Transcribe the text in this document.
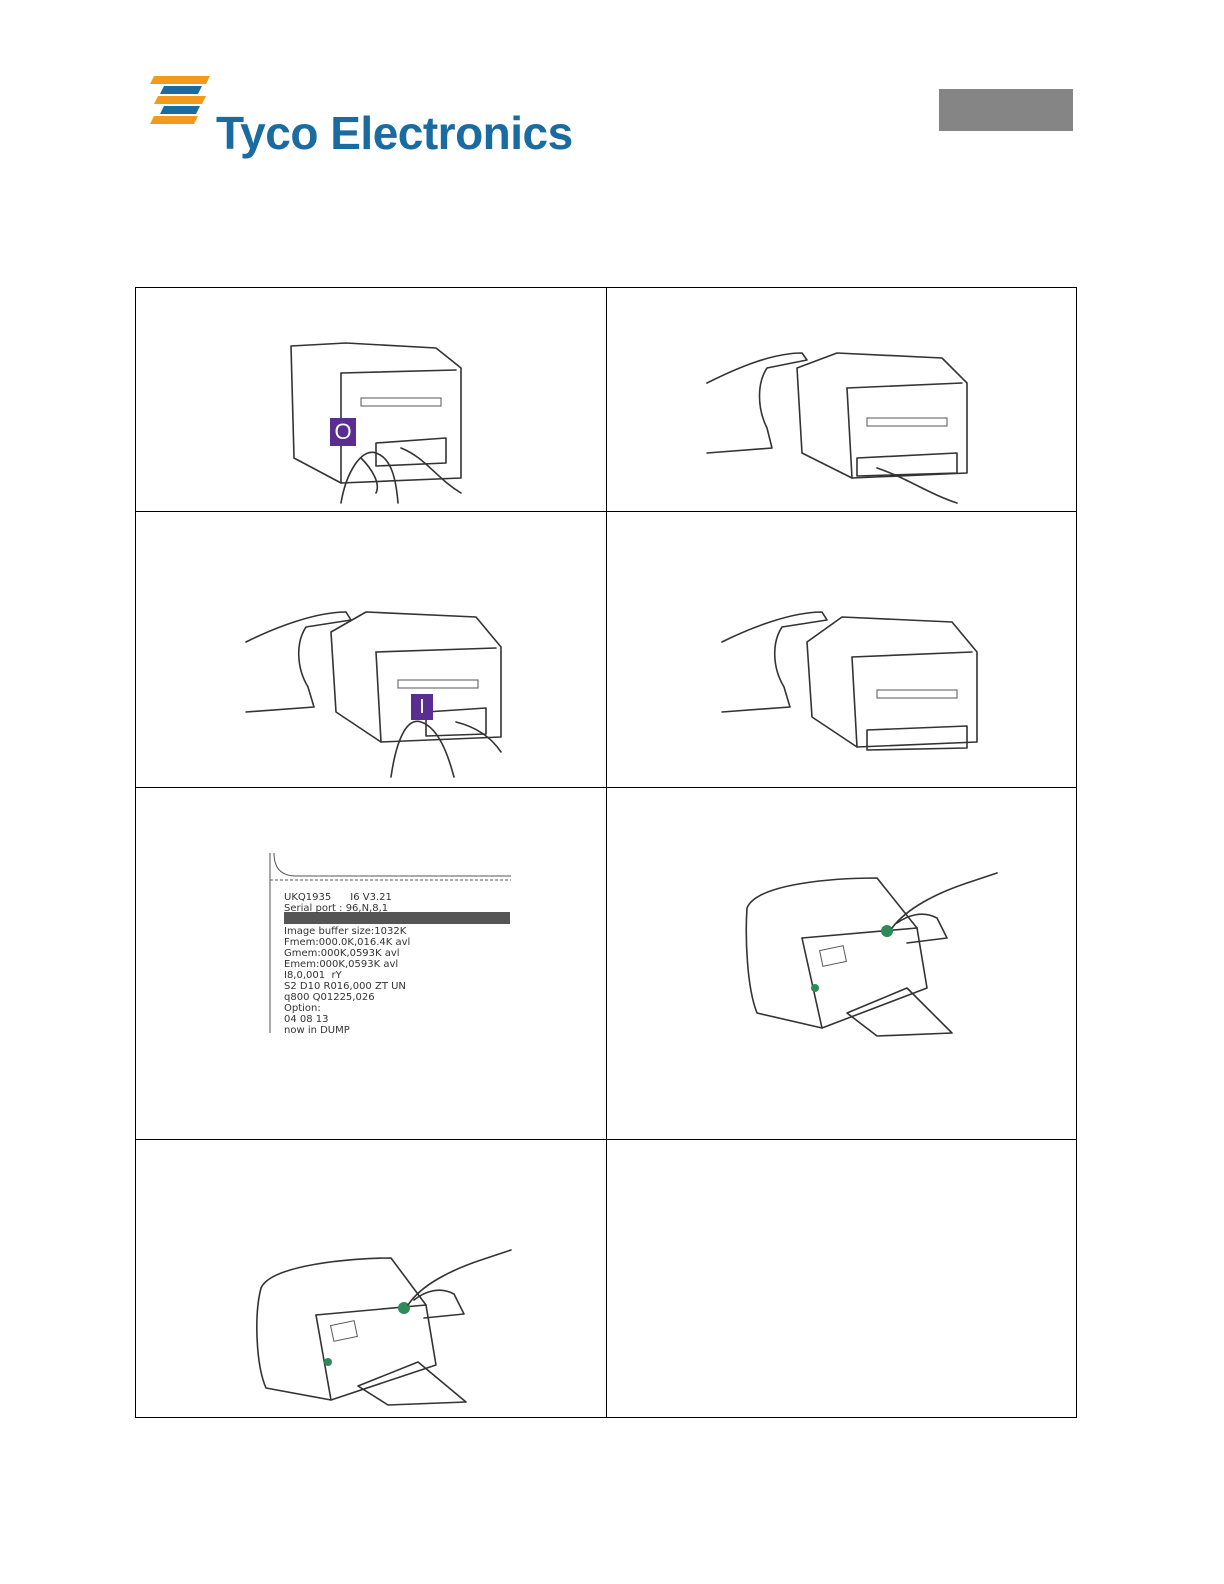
Tyco Electronics
O
I
UKQ1935      I6 V3.21
Serial port : 96,N,8,1
Image buffer size:1032K
Fmem:000.0K,016.4K avl
Gmem:000K,0593K avl
Emem:000K,0593K avl
I8,0,001  rY
S2 D10 R016,000 ZT UN
q800 Q01225,026
Option:
04 08 13
now in DUMP
